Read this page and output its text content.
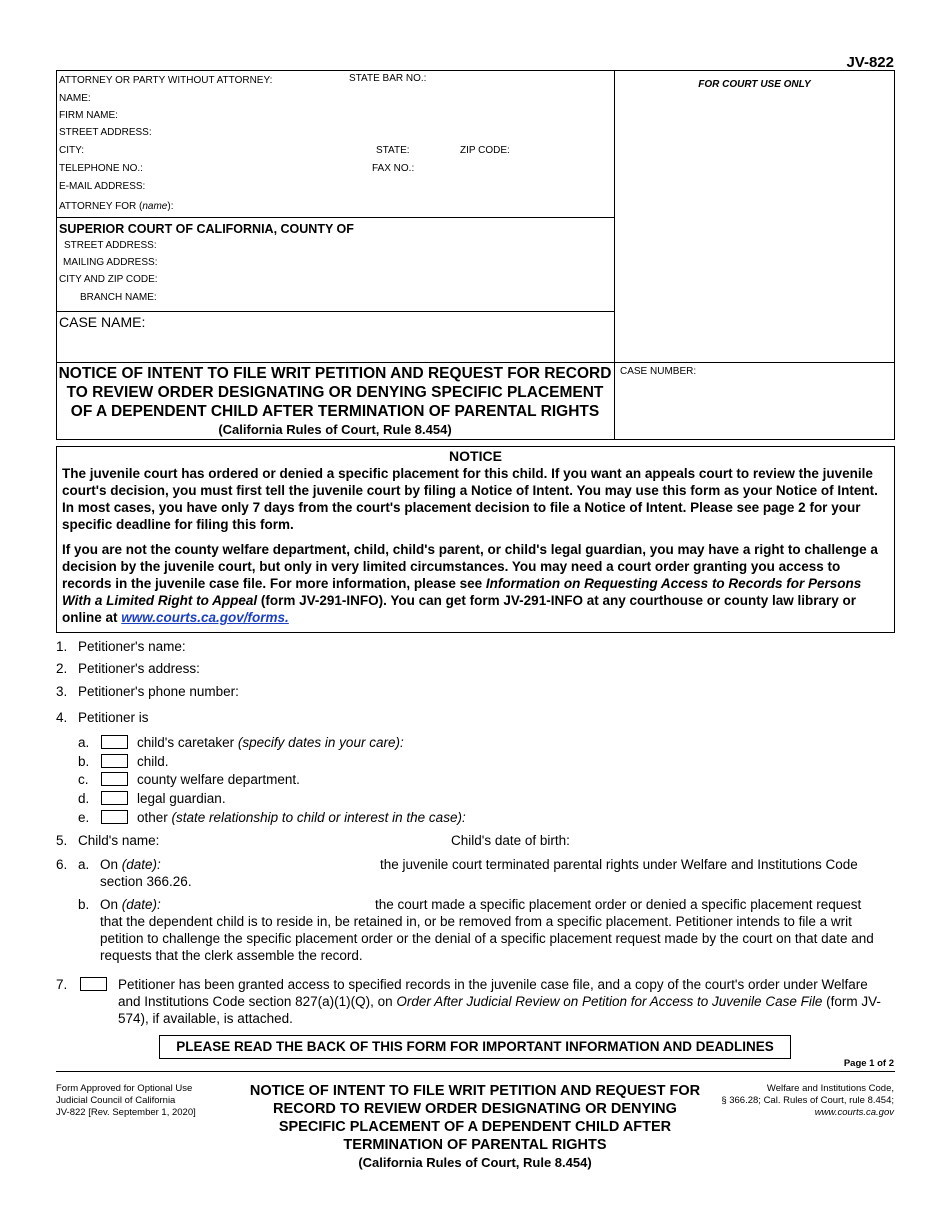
JV-822
ATTORNEY OR PARTY WITHOUT ATTORNEY:	STATE BAR NO.:
NAME:
FIRM NAME:
STREET ADDRESS:
CITY:	STATE:	ZIP CODE:
TELEPHONE NO.:	FAX NO.:
E-MAIL ADDRESS:
ATTORNEY FOR (name):
SUPERIOR COURT OF CALIFORNIA, COUNTY OF
STREET ADDRESS:
MAILING ADDRESS:
CITY AND ZIP CODE:
BRANCH NAME:
CASE NAME:
FOR COURT USE ONLY
CASE NUMBER:
NOTICE OF INTENT TO FILE WRIT PETITION AND REQUEST FOR RECORD
TO REVIEW ORDER DESIGNATING OR DENYING SPECIFIC PLACEMENT
OF A DEPENDENT CHILD AFTER TERMINATION OF PARENTAL RIGHTS
(California Rules of Court, Rule 8.454)
NOTICE
The juvenile court has ordered or denied a specific placement for this child. If you want an appeals court to review the juvenile court's decision, you must first tell the juvenile court by filing a Notice of Intent. You may use this form as your Notice of Intent. In most cases, you have only 7 days from the court's placement decision to file a Notice of Intent. Please see page 2 for your specific deadline for filing this form.
If you are not the county welfare department, child, child's parent, or child's legal guardian, you may have a right to challenge a decision by the juvenile court, but only in very limited circumstances. You may need a court order granting you access to records in the juvenile case file. For more information, please see Information on Requesting Access to Records for Persons With a Limited Right to Appeal (form JV-291-INFO). You can get form JV-291-INFO at any courthouse or county law library or online at www.courts.ca.gov/forms.
1. Petitioner's name:
2. Petitioner's address:
3. Petitioner's phone number:
4. Petitioner is
a.	child's caretaker (specify dates in your care):
b.	child.
c.	county welfare department.
d.	legal guardian.
e.	other (state relationship to child or interest in the case):
5. Child's name:	Child's date of birth:
6. a. On (date):	the juvenile court terminated parental rights under Welfare and Institutions Code
section 366.26.
b. On (date):	the court made a specific placement order or denied a specific placement request
that the dependent child is to reside in, be retained in, or be removed from a specific placement. Petitioner intends to file a writ petition to challenge the specific placement order or the denial of a specific placement request made by the court on that date and requests that the clerk assemble the record.
7.	Petitioner has been granted access to specified records in the juvenile case file, and a copy of the court's order under Welfare and Institutions Code section 827(a)(1)(Q), on Order After Judicial Review on Petition for Access to Juvenile Case File (form JV-574), if available, is attached.
PLEASE READ THE BACK OF THIS FORM FOR IMPORTANT INFORMATION AND DEADLINES
Page 1 of 2
Form Approved for Optional Use
Judicial Council of California
JV-822 [Rev. September 1, 2020]
NOTICE OF INTENT TO FILE WRIT PETITION AND REQUEST FOR
RECORD TO REVIEW ORDER DESIGNATING OR DENYING
SPECIFIC PLACEMENT OF A DEPENDENT CHILD AFTER
TERMINATION OF PARENTAL RIGHTS
(California Rules of Court, Rule 8.454)
Welfare and Institutions Code,
§ 366.28; Cal. Rules of Court, rule 8.454;
www.courts.ca.gov
